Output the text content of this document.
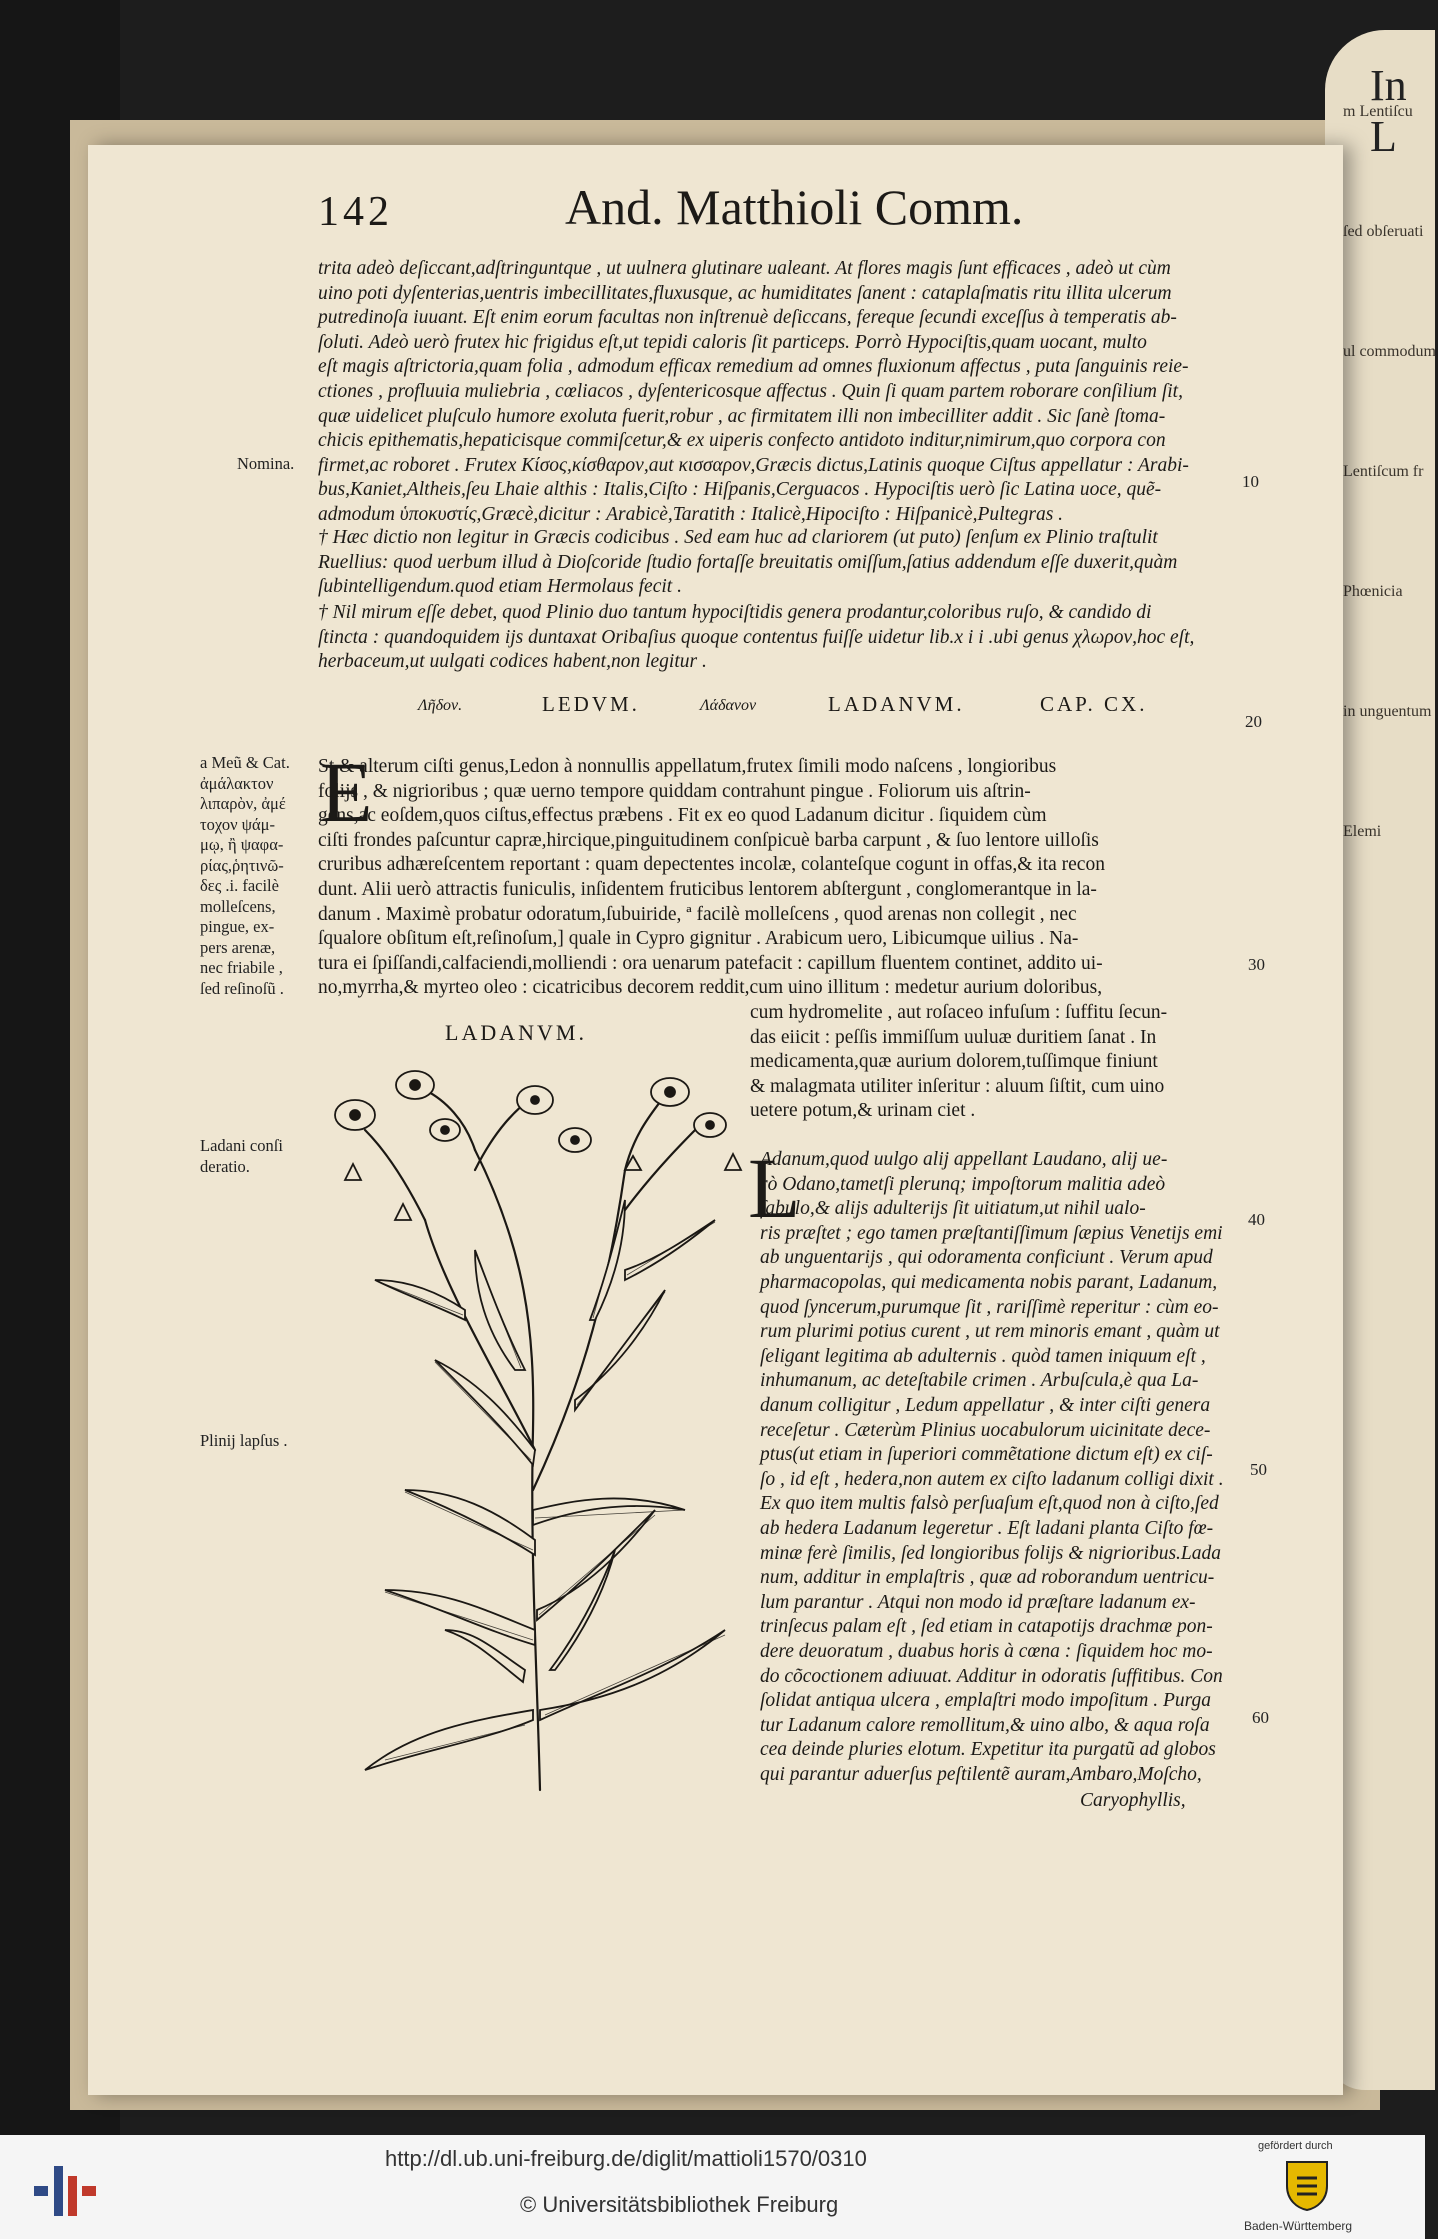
In L
m Lentiſcu
ſed obſeruati
ul commodum
Lentiſcum fr
Phœnicia
in unguentum
Elemi
142	And. Matthioli Comm.
trita adeò deſiccant,adſtringuntque , ut uulnera glutinare ualeant. At flores magis ſunt efficaces , adeò ut cùm
uino poti dyſenterias,uentris imbecillitates,fluxusque, ac humiditates ſanent : cataplaſmatis ritu illita ulcerum
putredinoſa iuuant. Eſt enim eorum facultas non inſtrenuè deſiccans, fereque ſecundi exceſſus à temperatis ab-
ſoluti. Adeò uerò frutex hic frigidus eſt,ut tepidi caloris ſit particeps. Porrò Hypociſtis,quam uocant, multo
eſt magis aſtrictoria,quam folia , admodum efficax remedium ad omnes fluxionum affectus , puta ſanguinis reie-
ctiones , profluuia muliebria , cœliacos , dyſentericosque affectus . Quin ſi quam partem roborare conſilium ſit,
quæ uidelicet pluſculo humore exoluta fuerit,robur , ac firmitatem illi non imbecilliter addit . Sic ſanè ſtoma-
chicis epithematis,hepaticisque commiſcetur,& ex uiperis confecto antidoto inditur,nimirum,quo corpora con
firmet,ac roboret . Frutex Κίσος,κίσθαρον,aut κισσαρον,Græcis dictus,Latinis quoque Ciſtus appellatur : Arabi-
bus,Kaniet,Altheis,ſeu Lhaie althis : Italis,Ciſto : Hiſpanis,Cerguacos . Hypociſtis uerò ſic Latina uoce, quẽ-
admodum ὑποκυστίς,Græcè,dicitur : Arabicè,Taratith : Italicè,Hipociſto : Hiſpanicè,Pultegras .
† Hæc dictio non legitur in Græcis codicibus . Sed eam huc ad clariorem (ut puto) ſenſum ex Plinio traſtulit
Ruellius: quod uerbum illud à Dioſcoride ſtudio fortaſſe breuitatis omiſſum,ſatius addendum eſſe duxerit,quàm
ſubintelligendum.quod etiam Hermolaus fecit .
† Nil mirum eſſe debet, quod Plinio duo tantum hypociſtidis genera prodantur,coloribus ruſo, & candido di
ſtincta : quandoquidem ijs duntaxat Oribaſius quoque contentus fuiſſe uidetur lib.x i i .ubi genus χλωρον,hoc eſt,
herbaceum,ut uulgati codices habent,non legitur .
Λῆδον.	LEDVM.	Λάδανον	LADANVM.	CAP. CX.
E
St & alterum ciſti genus,Ledon à nonnullis appellatum,frutex ſimili modo naſcens , longioribus
folijs , & nigrioribus ; quæ uerno tempore quiddam contrahunt pingue . Foliorum uis aſtrin-
gens,ac eoſdem,quos ciſtus,effectus præbens . Fit ex eo quod Ladanum dicitur . ſiquidem cùm
ciſti frondes paſcuntur capræ,hircique,pinguitudinem conſpicuè barba carpunt , & ſuo lentore uilloſis
cruribus adhæreſcentem reportant : quam depectentes incolæ, colanteſque cogunt in offas,& ita recon
dunt. Alii uerò attractis funiculis, inſidentem fruticibus lentorem abſtergunt , conglomerantque in la-
danum . Maximè probatur odoratum,ſubuiride, ª facilè molleſcens , quod arenas non collegit , nec
ſqualore obſitum eſt,reſinoſum,] quale in Cypro gignitur . Arabicum uero, Libicumque uilius . Na-
tura ei ſpiſſandi,calfaciendi,molliendi : ora uenarum patefacit : capillum fluentem continet, addito ui-
no,myrrha,& myrteo oleo : cicatricibus decorem reddit,cum uino illitum : medetur aurium doloribus,
cum hydromelite , aut roſaceo infuſum : ſuffitu ſecun-
das eiicit : peſſis immiſſum uuluæ duritiem ſanat . In
medicamenta,quæ aurium dolorem,tuſſimque finiunt
& malagmata utiliter inſeritur : aluum ſiſtit, cum uino
uetere potum,& urinam ciet .
LADANVM.
L
Adanum,quod uulgo alij appellant Laudano, alij ue-
rò Odano,tametſi plerunq; impoſtorum malitia adeò
ſabulo,& alijs adulterijs ſit uitiatum,ut nihil ualo-
ris præſtet ; ego tamen præſtantiſſimum ſæpius Venetijs emi
ab unguentarijs , qui odoramenta conficiunt . Verum apud
pharmacopolas, qui medicamenta nobis parant, Ladanum,
quod ſyncerum,purumque ſit , rariſſimè reperitur : cùm eo-
rum plurimi potius curent , ut rem minoris emant , quàm ut
ſeligant legitima ab adulternis . quòd tamen iniquum eſt ,
inhumanum, ac deteſtabile crimen . Arbuſcula,è qua La-
danum colligitur , Ledum appellatur , & inter ciſti genera
receſetur . Cæterùm Plinius uocabulorum uicinitate dece-
ptus(ut etiam in ſuperiori commẽtatione dictum eſt) ex ciſ-
ſo , id eſt , hedera,non autem ex ciſto ladanum colligi dixit .
Ex quo item multis falsò perſuaſum eſt,quod non à ciſto,ſed
ab hedera Ladanum legeretur . Eſt ladani planta Ciſto fœ-
minæ ferè ſimilis, ſed longioribus folijs & nigrioribus.Lada
num, additur in emplaſtris , quæ ad roborandum uentricu-
lum parantur . Atqui non modo id præſtare ladanum ex-
trinſecus palam eſt , ſed etiam in catapotijs drachmæ pon-
dere deuoratum , duabus horis à cœna : ſiquidem hoc mo-
do cõcoctionem adiuuat. Additur in odoratis ſuffitibus. Con
ſolidat antiqua ulcera , emplaſtri modo impoſitum . Purga
tur Ladanum calore remollitum,& uino albo, & aqua roſa
cea deinde pluries elotum. Expetitur ita purgatũ ad globos
qui parantur aduerſus peſtilentẽ auram,Ambaro,Moſcho,
Caryophyllis,
Nomina.
a Meũ & Cat.
ἀμάλακτον
λιπαρὸν, ἀμέ
τοχον ψάμ-
μῳ, ἢ ψαφα-
ρίας,ῥητινῶ-
δες .i. facilè
molleſcens,
pingue, ex-
pers arenæ,
nec friabile ,
ſed reſinoſũ .
Ladani conſi
deratio.
Plinij lapſus .
10
20
30
40
50
60
http://dl.ub.uni-freiburg.de/diglit/mattioli1570/0310
© Universitätsbibliothek Freiburg
gefördert durch
Baden-Württemberg
